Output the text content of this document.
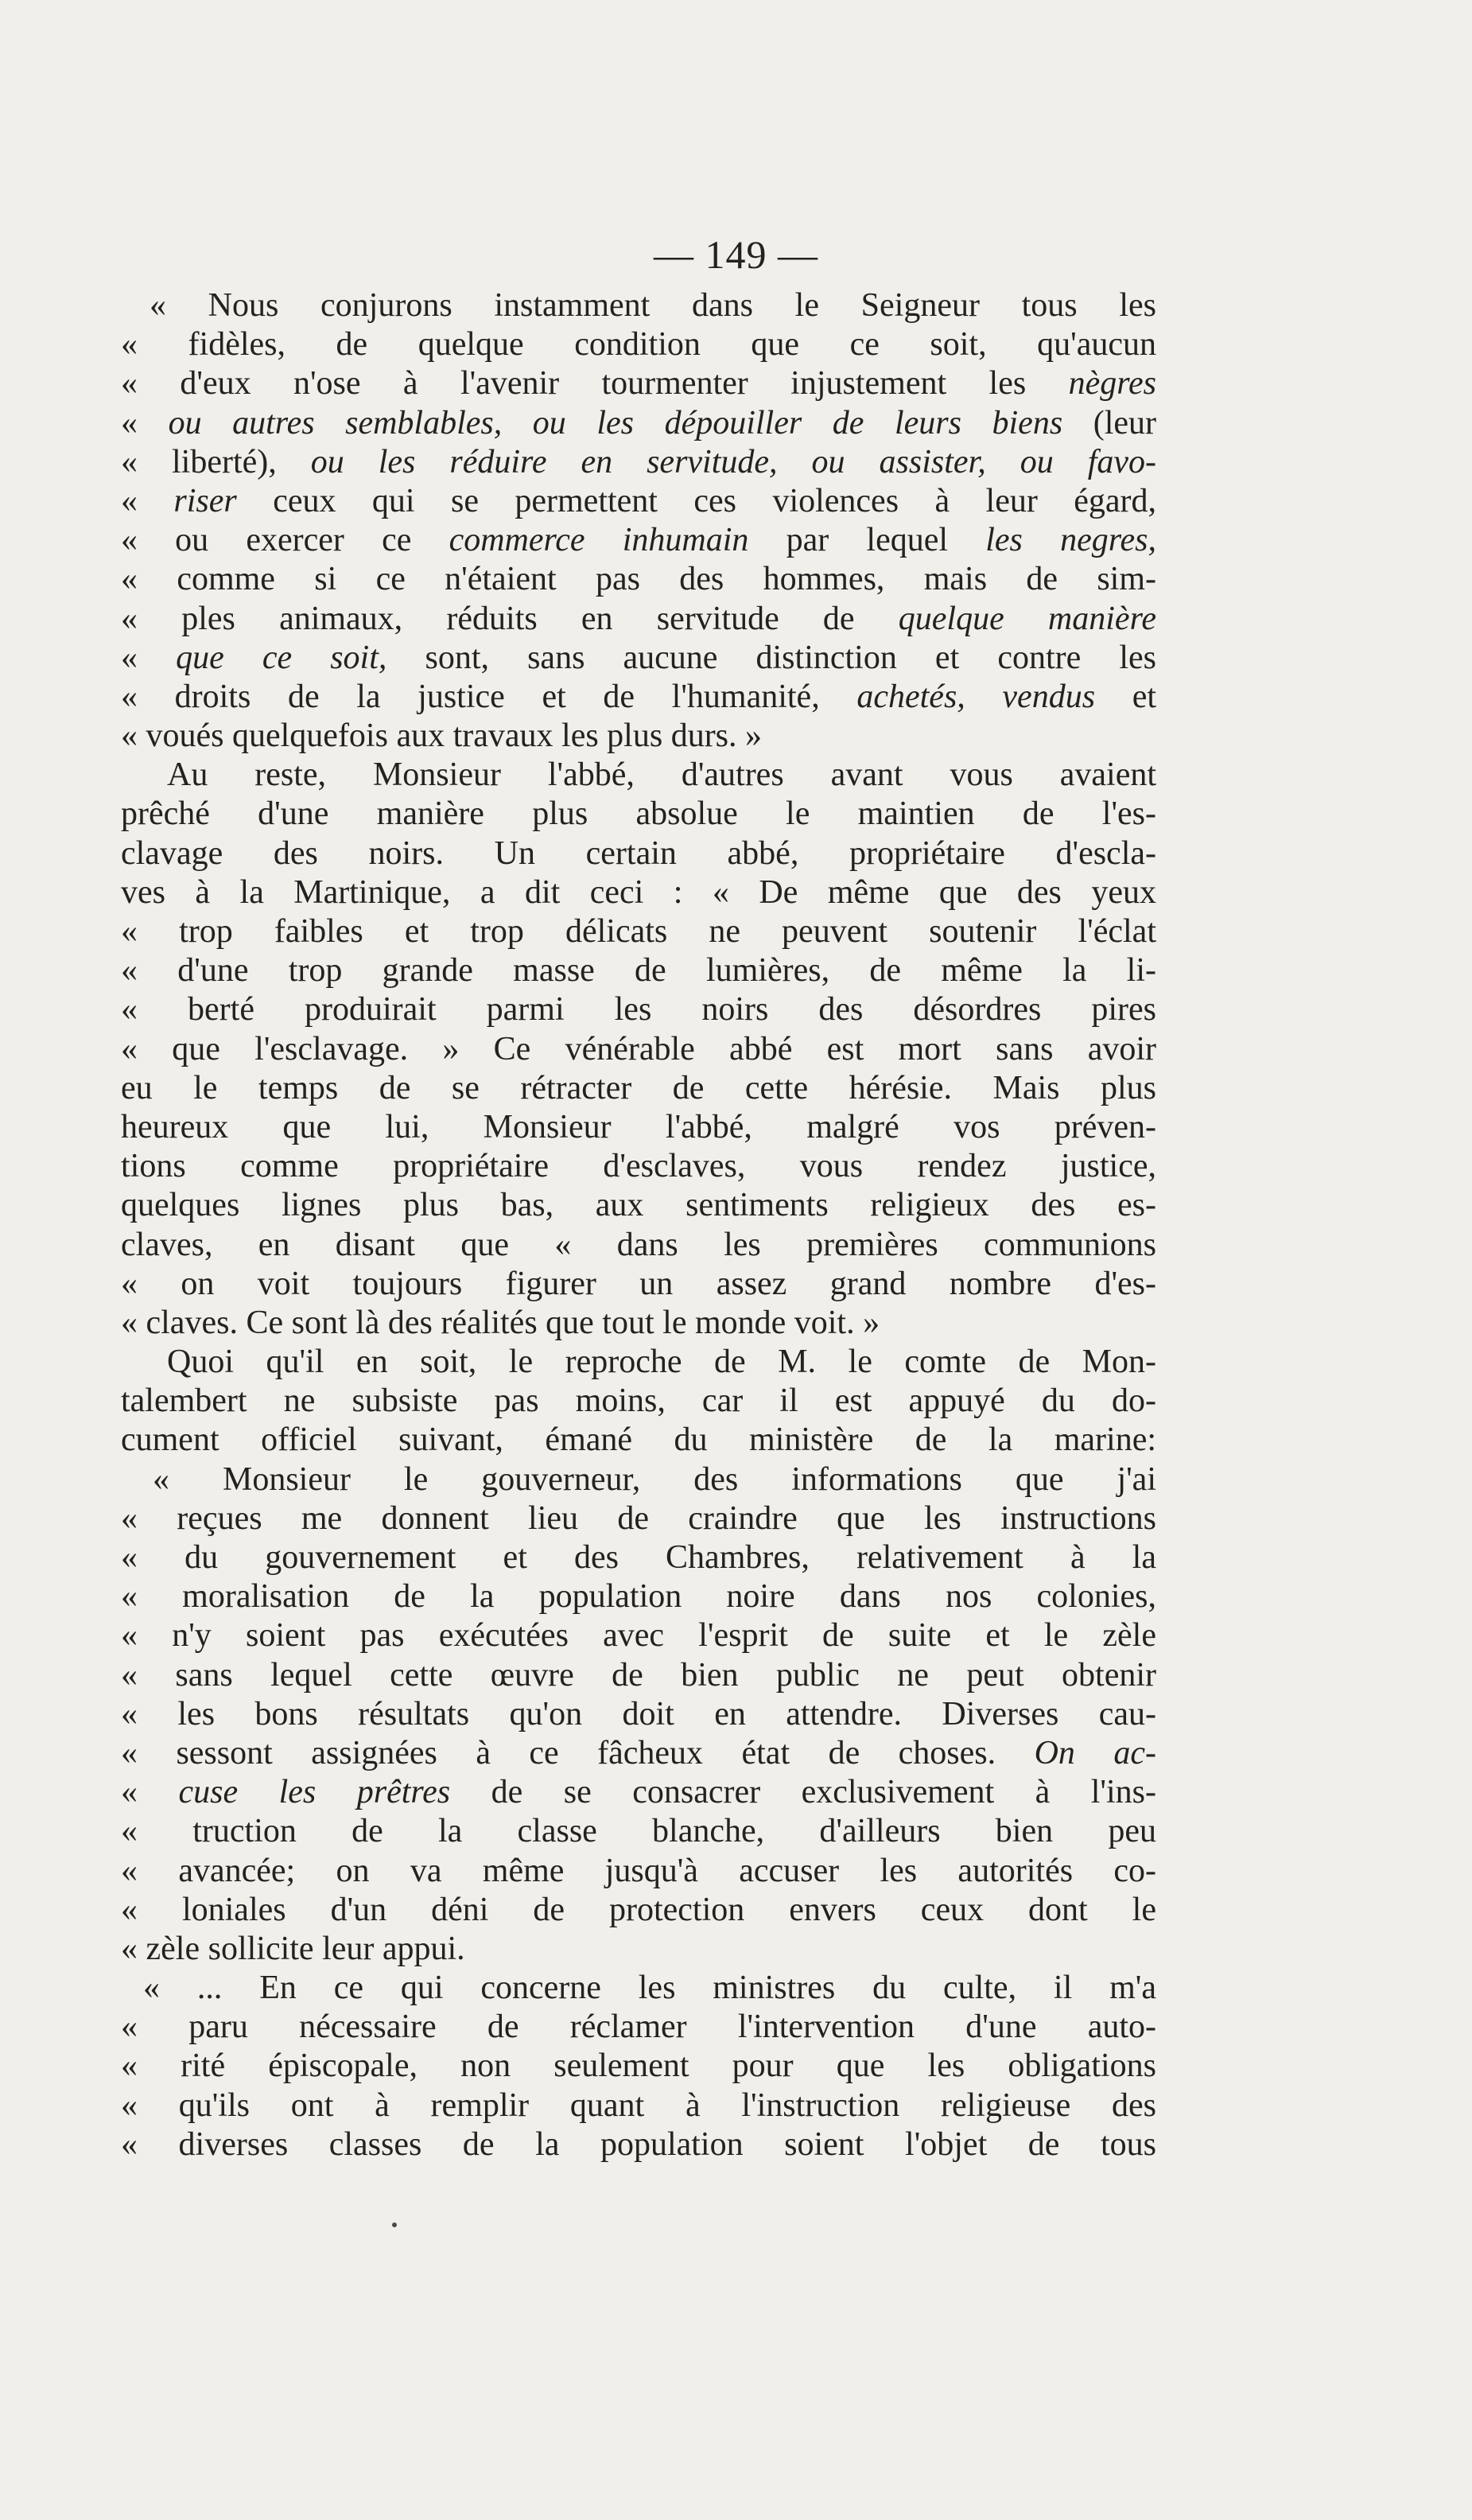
— 149 —
« Nous conjurons instamment dans le Seigneur tous les
« fidèles, de quelque condition que ce soit, qu'aucun
« d'eux n'ose à l'avenir tourmenter injustement les nègres
« ou autres semblables, ou les dépouiller de leurs biens (leur
« liberté), ou les réduire en servitude, ou assister, ou favo-
« riser ceux qui se permettent ces violences à leur égard,
« ou exercer ce commerce inhumain par lequel les negres,
« comme si ce n'étaient pas des hommes, mais de sim-
« ples animaux, réduits en servitude de quelque manière
« que ce soit, sont, sans aucune distinction et contre les
« droits de la justice et de l'humanité, achetés, vendus et
« voués quelquefois aux travaux les plus durs. »
Au reste, Monsieur l'abbé, d'autres avant vous avaient
prêché d'une manière plus absolue le maintien de l'es-
clavage des noirs. Un certain abbé, propriétaire d'escla-
ves à la Martinique, a dit ceci : « De même que des yeux
« trop faibles et trop délicats ne peuvent soutenir l'éclat
« d'une trop grande masse de lumières, de même la li-
« berté produirait parmi les noirs des désordres pires
« que l'esclavage. » Ce vénérable abbé est mort sans avoir
eu le temps de se rétracter de cette hérésie. Mais plus
heureux que lui, Monsieur l'abbé, malgré vos préven-
tions comme propriétaire d'esclaves, vous rendez justice,
quelques lignes plus bas, aux sentiments religieux des es-
claves, en disant que « dans les premières communions
« on voit toujours figurer un assez grand nombre d'es-
« claves. Ce sont là des réalités que tout le monde voit. »
Quoi qu'il en soit, le reproche de M. le comte de Mon-
talembert ne subsiste pas moins, car il est appuyé du do-
cument officiel suivant, émané du ministère de la marine:
« Monsieur le gouverneur, des informations que j'ai
« reçues me donnent lieu de craindre que les instructions
« du gouvernement et des Chambres, relativement à la
« moralisation de la population noire dans nos colonies,
« n'y soient pas exécutées avec l'esprit de suite et le zèle
« sans lequel cette œuvre de bien public ne peut obtenir
« les bons résultats qu'on doit en attendre. Diverses cau-
« sessont assignées à ce fâcheux état de choses. On ac-
« cuse les prêtres de se consacrer exclusivement à l'ins-
« truction de la classe blanche, d'ailleurs bien peu
« avancée; on va même jusqu'à accuser les autorités co-
« loniales d'un déni de protection envers ceux dont le
« zèle sollicite leur appui.
« ... En ce qui concerne les ministres du culte, il m'a
« paru nécessaire de réclamer l'intervention d'une auto-
« rité épiscopale, non seulement pour que les obligations
« qu'ils ont à remplir quant à l'instruction religieuse des
« diverses classes de la population soient l'objet de tous
